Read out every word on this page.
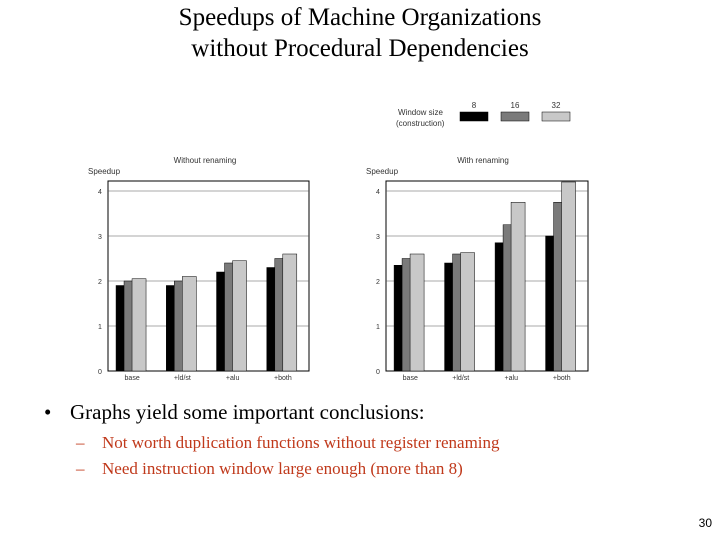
Speedups of Machine Organizations
without Procedural Dependencies
Window size
(construction)
8	16	32
Without renaming
Speedup
0
1
2
3
4
base	+ld/st	+alu	+both
With renaming
Speedup
0
1
2
3
4
base	+ld/st	+alu	+both
• Graphs yield some important conclusions:
–	Not worth duplication functions without register renaming
–	Need instruction window large enough (more than 8)
30
